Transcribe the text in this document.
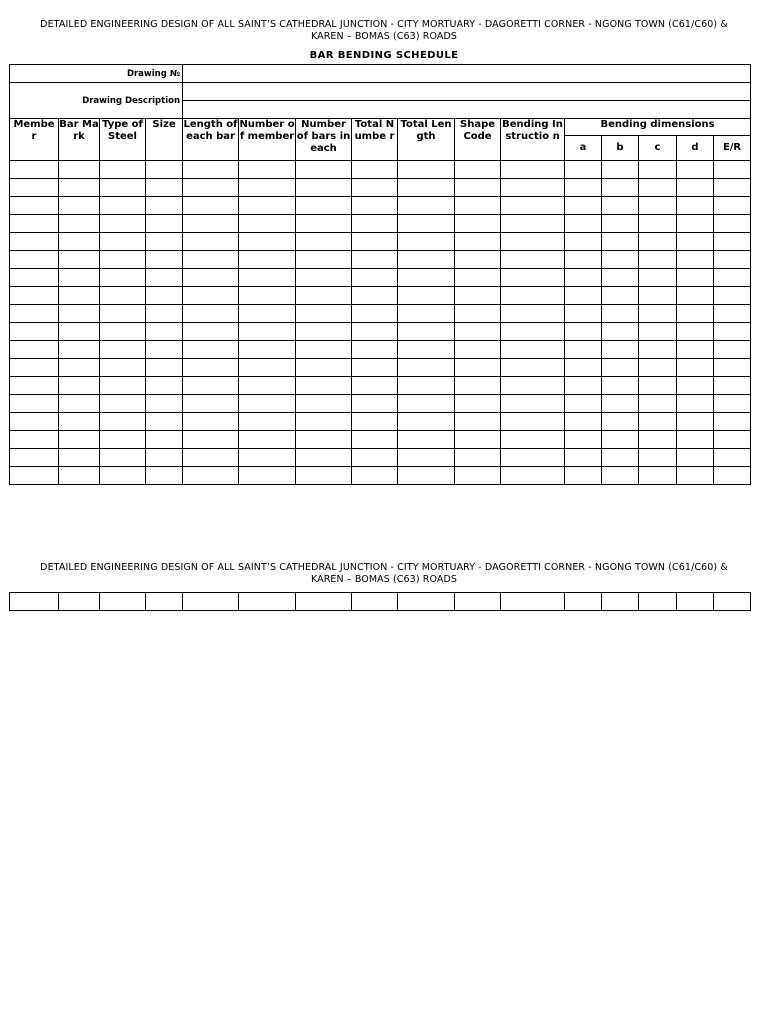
DETAILED ENGINEERING DESIGN OF ALL SAINT’S CATHEDRAL JUNCTION - CITY MORTUARY - DAGORETTI CORNER - NGONG TOWN (C61/C60) &
KAREN – BOMAS (C63) ROADS
BAR BENDING SCHEDULE
Drawing №															
Drawing Description															

Membe r	Bar Mark	Type of Steel	Size	Length of each bar	Number of member	Number of bars in each	Total Numbe r	Total Length	Shape Code	Bending Instructio n	Bending dimensions				
											a	b	c	d	E/R

DETAILED ENGINEERING DESIGN OF ALL SAINT’S CATHEDRAL JUNCTION - CITY MORTUARY - DAGORETTI CORNER - NGONG TOWN (C61/C60) &
KAREN – BOMAS (C63) ROADS
